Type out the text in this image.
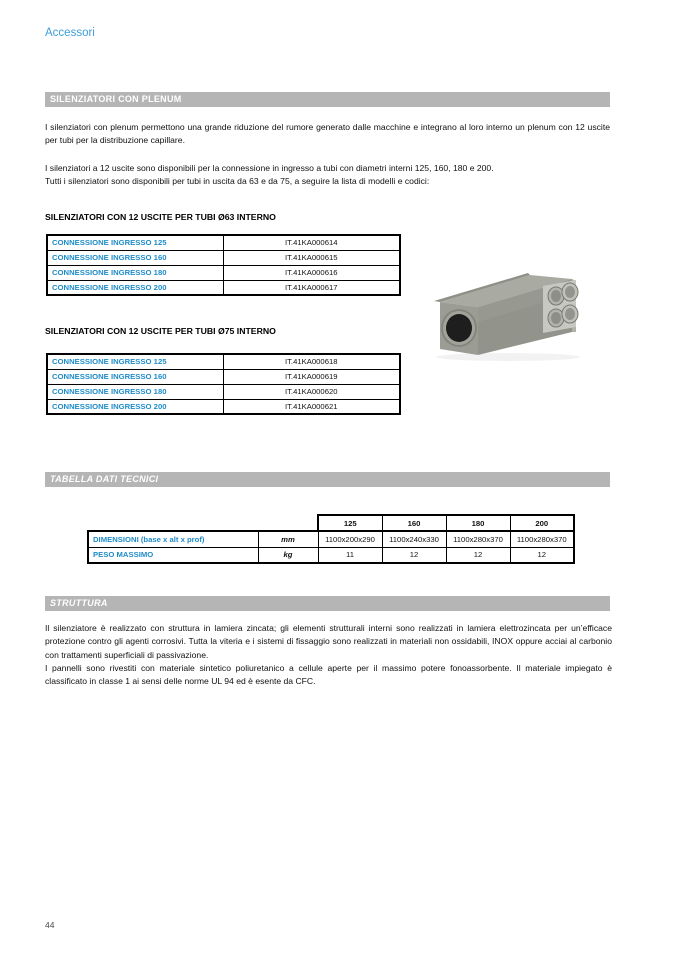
Accessori
SILENZIATORI CON PLENUM
I silenziatori con plenum permettono una grande riduzione del rumore generato dalle macchine e integrano al loro interno un plenum con 12 uscite per tubi per la distribuzione capillare.
I silenziatori a 12 uscite sono disponibili per la connessione in ingresso a tubi con diametri interni 125, 160, 180 e 200.
Tutti i silenziatori sono disponibili per tubi in uscita da 63 e da 75, a seguire la lista di modelli e codici:
SILENZIATORI CON 12 USCITE PER TUBI Ø63 INTERNO
CONNESSIONE INGRESSO 125	IT.41KA000614
CONNESSIONE INGRESSO 160	IT.41KA000615
CONNESSIONE INGRESSO 180	IT.41KA000616
CONNESSIONE INGRESSO 200	IT.41KA000617
SILENZIATORI CON 12 USCITE PER TUBI Ø75 INTERNO
CONNESSIONE INGRESSO 125	IT.41KA000618
CONNESSIONE INGRESSO 160	IT.41KA000619
CONNESSIONE INGRESSO 180	IT.41KA000620
CONNESSIONE INGRESSO 200	IT.41KA000621
TABELLA DATI TECNICI
		125	160	180	200
DIMENSIONI (base x alt x prof)	mm	1100x200x290	1100x240x330	1100x280x370	1100x280x370
PESO MASSIMO	kg	11	12	12	12
STRUTTURA
Il silenziatore è realizzato con struttura in lamiera zincata; gli elementi strutturali interni sono realizzati in lamiera elettrozincata per un’efficace protezione contro gli agenti corrosivi. Tutta la viteria e i sistemi di fissaggio sono realizzati in materiali non ossidabili, INOX oppure acciai al carbonio con trattamenti superficiali di passivazione.
I pannelli sono rivestiti con materiale sintetico poliuretanico a cellule aperte per il massimo potere fonoassorbente. Il materiale impiegato è classificato in classe 1 ai sensi delle norme UL 94 ed è esente da CFC.
44
